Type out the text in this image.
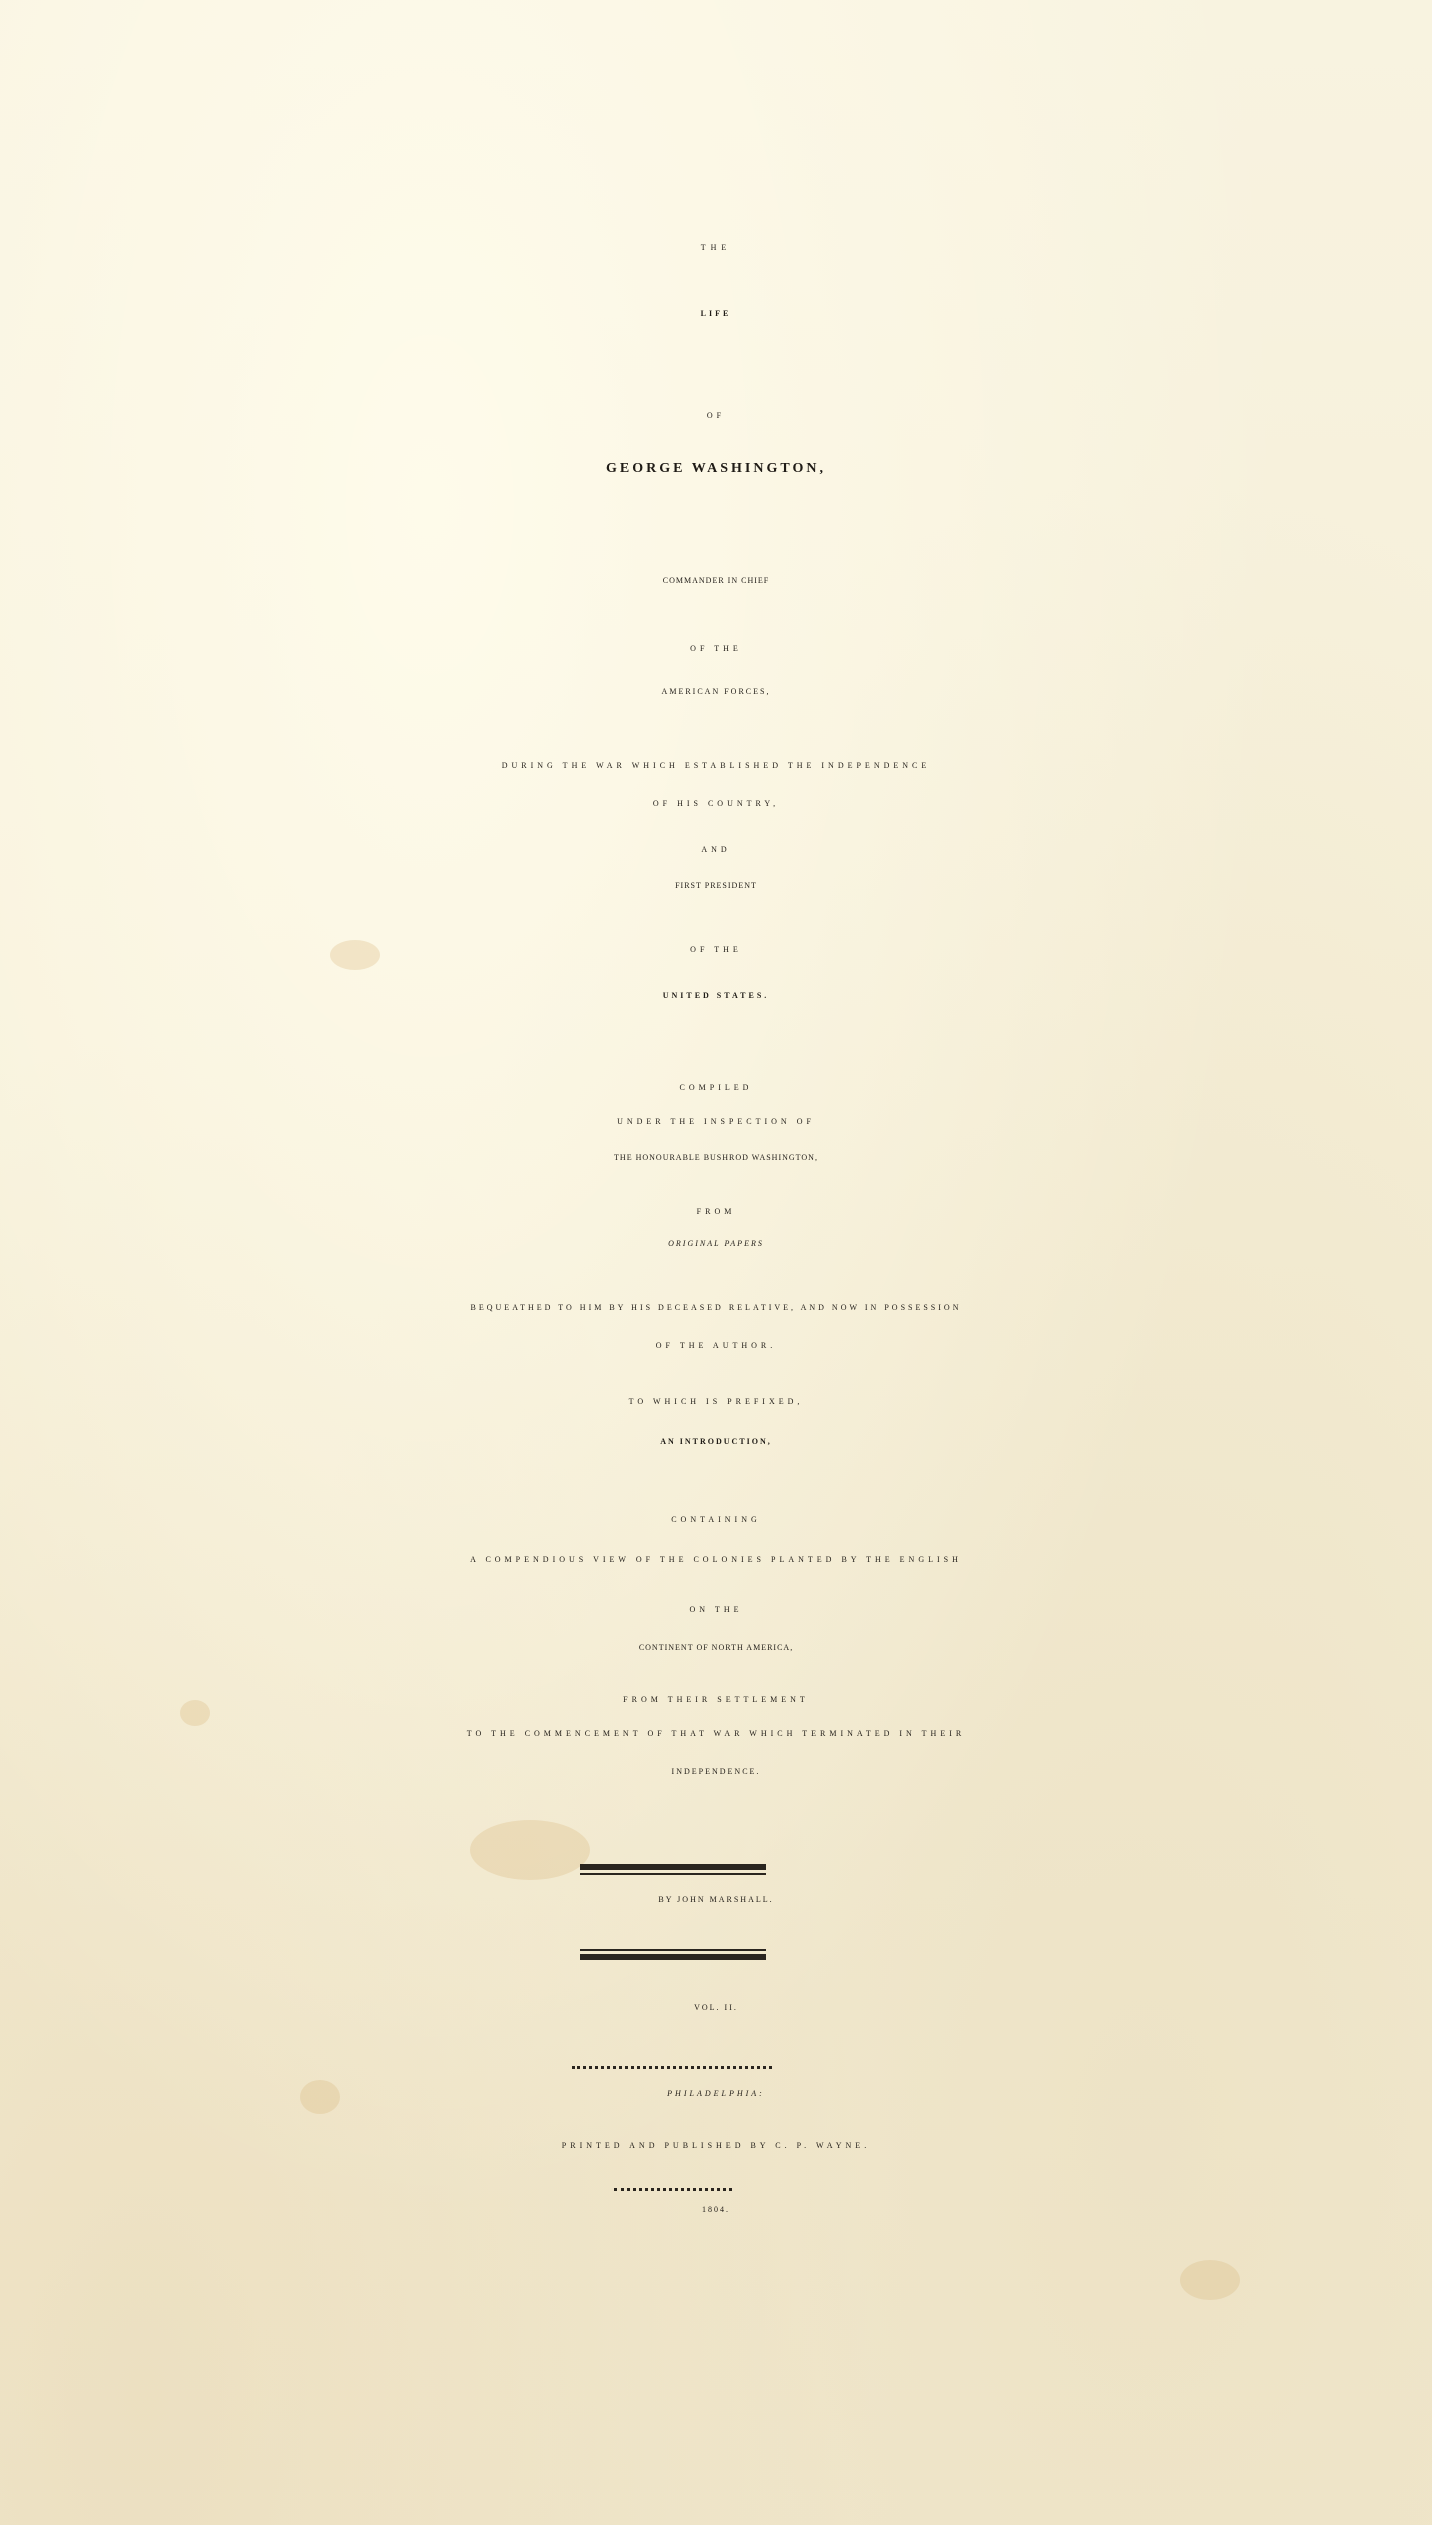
THE
LIFE
OF
GEORGE WASHINGTON,
COMMANDER IN CHIEF
OF THE
AMERICAN FORCES,
DURING THE WAR WHICH ESTABLISHED THE INDEPENDENCE
OF HIS COUNTRY,
AND
FIRST PRESIDENT
OF THE
UNITED STATES.
COMPILED
UNDER THE INSPECTION OF
THE HONOURABLE BUSHROD WASHINGTON,
FROM
ORIGINAL PAPERS
BEQUEATHED TO HIM BY HIS DECEASED RELATIVE, AND NOW IN POSSESSION
OF THE AUTHOR.
TO WHICH IS PREFIXED,
AN INTRODUCTION,
CONTAINING
A COMPENDIOUS VIEW OF THE COLONIES PLANTED BY THE ENGLISH
ON THE
CONTINENT OF NORTH AMERICA,
FROM THEIR SETTLEMENT
TO THE COMMENCEMENT OF THAT WAR WHICH TERMINATED IN THEIR
INDEPENDENCE.
BY JOHN MARSHALL.
VOL. II.
PHILADELPHIA:
PRINTED AND PUBLISHED BY C. P. WAYNE.
1804.
